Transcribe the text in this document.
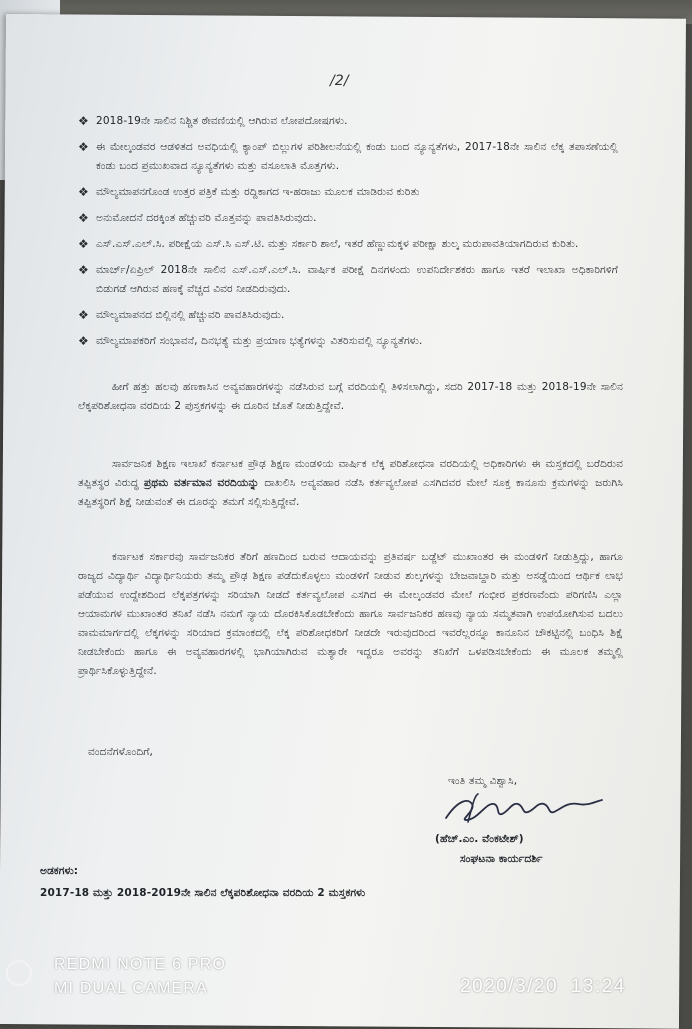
/2/
❖ 2018-19ನೇ ಸಾಲಿನ ನಿಶ್ಚಿತ ಠೇವಣಿಯಲ್ಲಿ ಆಗಿರುವ ಲೋಪದೋಷಗಳು.
❖ ಈ ಮೇಲ್ಕಂಡವರ ಆಡಳಿತದ ಅವಧಿಯಲ್ಲಿ ಕ್ಯಾಂಪ್ ಬಿಲ್ಲುಗಳ ಪರಿಶೀಲನೆಯಲ್ಲಿ ಕಂಡು ಬಂದ ನ್ಯೂನ್ಯತೆಗಳು, 2017-18ನೇ ಸಾಲಿನ ಲೆಕ್ಕ ತಪಾಸಣೆಯಲ್ಲಿ ಕಂಡು ಬಂದ ಪ್ರಮುಖವಾದ ನ್ಯೂನ್ಯತೆಗಳು ಮತ್ತು ವಸೂಲಾತಿ ಮೊತ್ತಗಳು.
❖ ಮೌಲ್ಯಮಾಪನಗೊಂಡ ಉತ್ತರ ಪತ್ರಿಕೆ ಮತ್ತು ರದ್ದಿಕಾಗದ ಇ-ಹರಾಜು ಮೂಲಕ ಮಾಡಿರುವ ಕುರಿತು
❖ ಅನುಮೋದನೆ ದರಕ್ಕಿಂತ ಹೆಚ್ಚುವರಿ ಮೊತ್ತವನ್ನು ಪಾವತಿಸಿರುವುದು.
❖ ಎಸ್.ಎಸ್.ಎಲ್.ಸಿ. ಪರೀಕ್ಷೆಯ ಎಸ್.ಸಿ ಎಸ್.ಟಿ. ಮತ್ತು ಸರ್ಕಾರಿ ಶಾಲೆ, ಇತರೆ ಹೆಣ್ಣುಮಕ್ಕಳ ಪರೀಕ್ಷಾ ಶುಲ್ಕ ಮರುಪಾವತಿಯಾಗದಿರುವ ಕುರಿತು.
❖ ಮಾರ್ಚ್/ಏಪ್ರಿಲ್ 2018ನೇ ಸಾಲಿನ ಎಸ್.ಎಸ್.ಎಲ್.ಸಿ. ವಾರ್ಷಿಕ ಪರೀಕ್ಷೆ ದಿನಗಳಂದು ಉಪನಿರ್ದೇಶಕರು ಹಾಗೂ ಇತರೆ ಇಲಾಖಾ ಅಧಿಕಾರಿಗಳಿಗೆ ಬಿಡುಗಡೆ ಆಗಿರುವ ಹಣಕ್ಕೆ ವೆಚ್ಚದ ವಿವರ ನೀಡದಿರುವುದು.
❖ ಮೌಲ್ಯಮಾಪನದ ಬಿಲ್ಲಿನಲ್ಲಿ ಹೆಚ್ಚುವರಿ ಪಾವತಿಸಿರುವುದು.
❖ ಮೌಲ್ಯಮಾಪಕರಿಗೆ ಸಂಭಾವನೆ, ದಿನಭತ್ಯೆ ಮತ್ತು ಪ್ರಯಾಣ ಭತ್ಯೆಗಳನ್ನು ವಿತರಿಸುವಲ್ಲಿ ನ್ಯೂನ್ಯತೆಗಳು.
ಹೀಗೆ ಹತ್ತು ಹಲವು ಹಣಕಾಸಿನ ಅವ್ಯವಹಾರಗಳನ್ನು ನಡೆಸಿರುವ ಬಗ್ಗೆ ವರದಿಯಲ್ಲಿ ತಿಳಿಸಲಾಗಿದ್ದು, ಸದರಿ 2017-18 ಮತ್ತು 2018-19ನೇ ಸಾಲಿನ ಲೆಕ್ಕಪರಿಶೋಧನಾ ವರದಿಯ 2 ಪುಸ್ತಕಗಳನ್ನು ಈ ದೂರಿನ ಜೊತೆ ನೀಡುತ್ತಿದ್ದೇವೆ.
ಸಾರ್ವಜನಿಕ ಶಿಕ್ಷಣ ಇಲಾಖೆ ಕರ್ನಾಟಕ ಪ್ರೌಢ ಶಿಕ್ಷಣ ಮಂಡಳಿಯ ವಾರ್ಷಿಕ ಲೆಕ್ಕ ಪರಿಶೋಧನಾ ವರದಿಯಲ್ಲಿ ಅಧಿಕಾರಿಗಳು ಈ ಮಸ್ತಕದಲ್ಲಿ ಬರೆದಿರುವ ತಪ್ಪಿತಸ್ಥರ ವಿರುದ್ಧ ಪ್ರಥಮ ವರ್ತಮಾನ ವರದಿಯನ್ನು ದಾಖಲಿಸಿ ಅವ್ಯವಹಾರ ನಡೆಸಿ ಕರ್ತವ್ಯಲೋಪ ಎಸಗಿದವರ ಮೇಲೆ ಸೂಕ್ತ ಕಾನೂನು ಕ್ರಮಗಳನ್ನು ಜರುಗಿಸಿ ತಪ್ಪಿತಸ್ಥರಿಗೆ ಶಿಕ್ಷೆ ನೀಡುವಂತೆ ಈ ದೂರನ್ನು ತಮಗೆ ಸಲ್ಲಿಸುತ್ತಿದ್ದೇವೆ.
ಕರ್ನಾಟಕ ಸರ್ಕಾರವು ಸಾರ್ವಜನಿಕರ ತೆರಿಗೆ ಹಣದಿಂದ ಬರುವ ಆದಾಯವನ್ನು ಪ್ರತಿವರ್ಷ ಬಡ್ಜೆಟ್ ಮುಖಾಂತರ ಈ ಮಂಡಳಿಗೆ ನೀಡುತ್ತಿದ್ದು, ಹಾಗೂ ರಾಜ್ಯದ ವಿದ್ಯಾರ್ಥಿ ವಿದ್ಯಾರ್ಥಿನಿಯರು ತಮ್ಮ ಪ್ರೌಢ ಶಿಕ್ಷಣ ಪಡೆದುಕೊಳ್ಳಲು ಮಂಡಳಿಗೆ ನೀಡುವ ಶುಲ್ಕಗಳನ್ನು ಬೇಜವಾಬ್ದಾರಿ ಮತ್ತು ಅಸಡ್ಡೆಯಿಂದ ಆರ್ಥಿಕ ಲಾಭ ಪಡೆಯುವ ಉದ್ದೇಶದಿಂದ ಲೆಕ್ಕಪತ್ರಗಳನ್ನು ಸರಿಯಾಗಿ ನೀಡದೆ ಕರ್ತವ್ಯಲೋಪ ಎಸಗಿದ ಈ ಮೇಲ್ಕಂಡವರ ಮೇಲೆ ಗಂಭೀರ ಪ್ರಕರಣವೆಂದು ಪರಿಗಣಿಸಿ ಎಲ್ಲಾ ಆಯಾಮಗಳ ಮುಖಾಂತರ ತನಿಖೆ ನಡೆಸಿ ನಮಗೆ ನ್ಯಾಯ ದೊರಕಿಸಿಕೊಡಬೇಕೆಂದು ಹಾಗೂ ಸಾರ್ವಜನಿಕರ ಹಣವು ನ್ಯಾಯ ಸಮ್ಮತವಾಗಿ ಉಪಯೋಗಿಸುವ ಬದಲು ವಾಮಮಾರ್ಗದಲ್ಲಿ ಲೆಕ್ಕಗಳನ್ನು ಸರಿಯಾದ ಕ್ರಮಾಂಕದಲ್ಲಿ ಲೆಕ್ಕ ಪರಿಶೋಧಕರಿಗೆ ನೀಡದೇ ಇರುವುದರಿಂದ ಇವರೆಲ್ಲರನ್ನೂ ಕಾನೂನಿನ ಚೌಕಟ್ಟಿನಲ್ಲಿ ಬಂಧಿಸಿ ಶಿಕ್ಷೆ ನೀಡಬೇಕೆಂದು ಹಾಗೂ ಈ ಅವ್ಯವಹಾರಗಳಲ್ಲಿ ಭಾಗಿಯಾಗಿರುವ ಮತ್ಯಾರೇ ಇದ್ದರೂ ಅವರನ್ನು ತನಿಖೆಗೆ ಒಳಪಡಿಸಬೇಕೆಂದು ಈ ಮೂಲಕ ತಮ್ಮಲ್ಲಿ ಪ್ರಾರ್ಥಿಸಿಕೊಳ್ಳುತ್ತಿದ್ದೇನೆ.
ವಂದನೆಗಳೊಂದಿಗೆ,
ಇಂತಿ ತಮ್ಮ ವಿಶ್ವಾಸಿ,
(ಹೆಚ್.ಎಂ. ವೆಂಕಟೇಶ್)
ಸಂಘಟನಾ ಕಾರ್ಯದರ್ಶಿ
ಅಡಕಗಳು:
2017-18 ಮತ್ತು 2018-2019ನೇ ಸಾಲಿನ ಲೆಕ್ಕಪರಿಶೋಧನಾ ವರದಿಯ 2 ಮಸ್ತಕಗಳು
REDMI NOTE 6 PRO
MI DUAL CAMERA	2020/3/20 13:24
